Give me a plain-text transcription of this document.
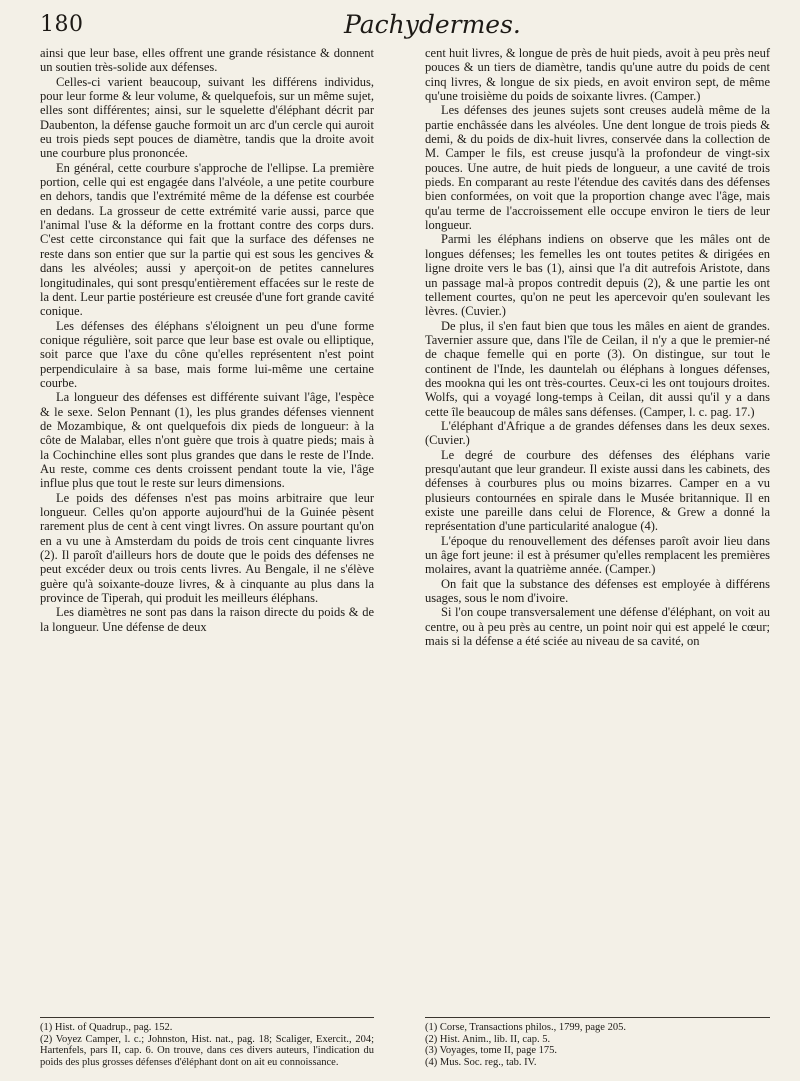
180	Pachydermes.

ainsi que leur base, elles offrent une grande résistance & donnent un soutien très-solide aux défenses.

Celles-ci varient beaucoup, suivant les différens individus, pour leur forme & leur volume, & quelquefois, sur un même sujet, elles sont différentes; ainsi, sur le squelette d'éléphant décrit par Daubenton, la défense gauche formoit un arc d'un cercle qui auroit eu trois pieds sept pouces de diamètre, tandis que la droite avoit une courbure plus prononcée.

En général, cette courbure s'approche de l'ellipse. La première portion, celle qui est engagée dans l'alvéole, a une petite courbure en dehors, tandis que l'extrémité même de la défense est courbée en dedans. La grosseur de cette extrémité varie aussi, parce que l'animal l'use & la déforme en la frottant contre des corps durs. C'est cette circonstance qui fait que la surface des défenses ne reste dans son entier que sur la partie qui est sous les gencives & dans les alvéoles; aussi y aperçoit-on de petites cannelures longitudinales, qui sont presqu'entièrement effacées sur le reste de la dent. Leur partie postérieure est creusée d'une fort grande cavité conique.

Les défenses des éléphans s'éloignent un peu d'une forme conique régulière, soit parce que leur base est ovale ou elliptique, soit parce que l'axe du cône qu'elles représentent n'est point perpendiculaire à sa base, mais forme lui-même une certaine courbe.

La longueur des défenses est différente suivant l'âge, l'espèce & le sexe. Selon Pennant (1), les plus grandes défenses viennent de Mozambique, & ont quelquefois dix pieds de longueur: à la côte de Malabar, elles n'ont guère que trois à quatre pieds; mais à la Cochinchine elles sont plus grandes que dans le reste de l'Inde. Au reste, comme ces dents croissent pendant toute la vie, l'âge influe plus que tout le reste sur leurs dimensions.

Le poids des défenses n'est pas moins arbitraire que leur longueur. Celles qu'on apporte aujourd'hui de la Guinée pèsent rarement plus de cent à cent vingt livres. On assure pourtant qu'on en a vu une à Amsterdam du poids de trois cent cinquante livres (2). Il paroît d'ailleurs hors de doute que le poids des défenses ne peut excéder deux ou trois cents livres. Au Bengale, il ne s'élève guère qu'à soixante-douze livres, & à cinquante au plus dans la province de Tiperah, qui produit les meilleurs éléphans.

Les diamètres ne sont pas dans la raison directe du poids & de la longueur. Une défense de deux

cent huit livres, & longue de près de huit pieds, avoit à peu près neuf pouces & un tiers de diamètre, tandis qu'une autre du poids de cent cinq livres, & longue de six pieds, en avoit environ sept, de même qu'une troisième du poids de soixante livres. (Camper.)

Les défenses des jeunes sujets sont creuses audelà même de la partie enchâssée dans les alvéoles. Une dent longue de trois pieds & demi, & du poids de dix-huit livres, conservée dans la collection de M. Camper le fils, est creuse jusqu'à la profondeur de vingt-six pouces. Une autre, de huit pieds de longueur, a une cavité de trois pieds. En comparant au reste l'étendue des cavités dans des défenses bien conformées, on voit que la proportion change avec l'âge, mais qu'au terme de l'accroissement elle occupe environ le tiers de leur longueur.

Parmi les éléphans indiens on observe que les mâles ont de longues défenses; les femelles les ont toutes petites & dirigées en ligne droite vers le bas (1), ainsi que l'a dit autrefois Aristote, dans un passage mal-à propos contredit depuis (2), & une partie les ont tellement courtes, qu'on ne peut les apercevoir qu'en soulevant les lèvres. (Cuvier.)

De plus, il s'en faut bien que tous les mâles en aient de grandes. Tavernier assure que, dans l'île de Ceilan, il n'y a que le premier-né de chaque femelle qui en porte (3). On distingue, sur tout le continent de l'Inde, les dauntelah ou éléphans à longues défenses, des mookna qui les ont très-courtes. Ceux-ci les ont toujours droites. Wolfs, qui a voyagé long-temps à Ceilan, dit aussi qu'il y a dans cette île beaucoup de mâles sans défenses. (Camper, l. c. pag. 17.)

L'éléphant d'Afrique a de grandes défenses dans les deux sexes. (Cuvier.)

Le degré de courbure des défenses des éléphans varie presqu'autant que leur grandeur. Il existe aussi dans les cabinets, des défenses à courbures plus ou moins bizarres. Camper en a vu plusieurs contournées en spirale dans le Musée britannique. Il en existe une pareille dans celui de Florence, & Grew a donné la représentation d'une particularité analogue (4).

L'époque du renouvellement des défenses paroît avoir lieu dans un âge fort jeune: il est à présumer qu'elles remplacent les premières molaires, avant la quatrième année. (Camper.)

On fait que la substance des défenses est employée à différens usages, sous le nom d'ivoire.

Si l'on coupe transversalement une défense d'éléphant, on voit au centre, ou à peu près au centre, un point noir qui est appelé le cœur; mais si la défense a été sciée au niveau de sa cavité, on

(1) Hist. of Quadrup., pag. 152.

(2) Voyez Camper, l. c.; Johnston, Hist. nat., pag. 18; Scaliger, Exercit., 204; Hartenfels, pars II, cap. 6. On trouve, dans ces divers auteurs, l'indication du poids des plus grosses défenses d'éléphant dont on ait eu connoissance.

(1) Corse, Transactions philos., 1799, page 205.

(2) Hist. Anim., lib. II, cap. 5.

(3) Voyages, tome II, page 175.

(4) Mus. Soc. reg., tab. IV.
